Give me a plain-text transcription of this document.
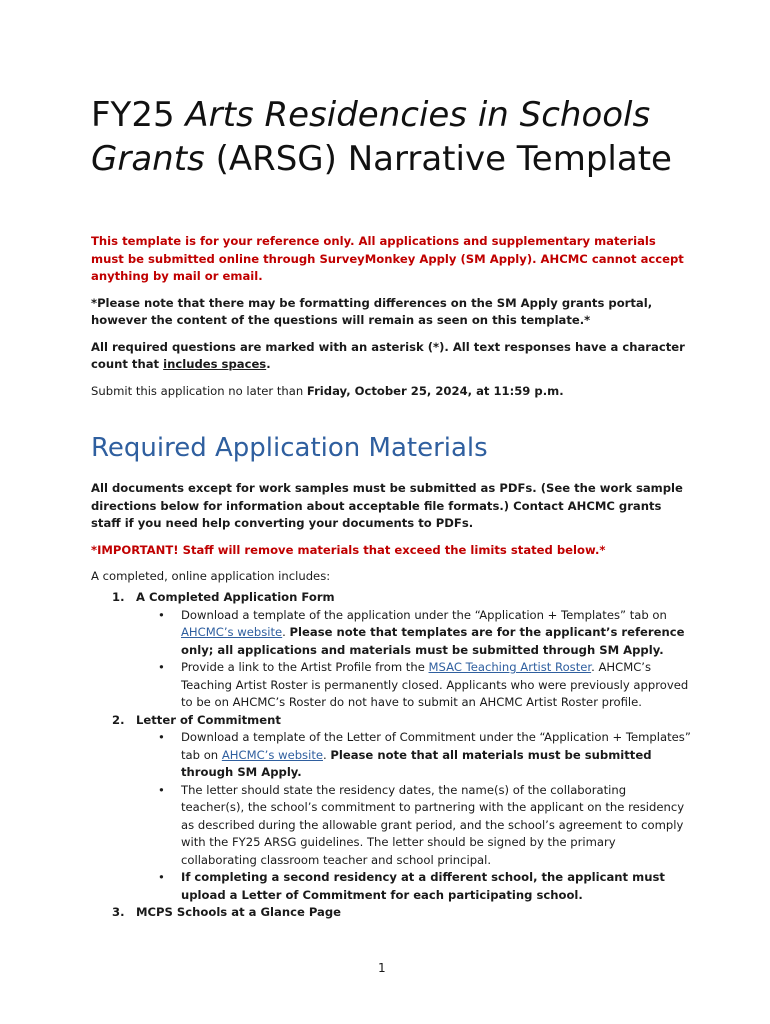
FY25 Arts Residencies in Schools Grants (ARSG) Narrative Template

This template is for your reference only. All applications and supplementary materials must be submitted online through SurveyMonkey Apply (SM Apply). AHCMC cannot accept anything by mail or email.

*Please note that there may be formatting differences on the SM Apply grants portal, however the content of the questions will remain as seen on this template.*

All required questions are marked with an asterisk (*). All text responses have a character count that includes spaces.

Submit this application no later than Friday, October 25, 2024, at 11:59 p.m.

Required Application Materials

All documents except for work samples must be submitted as PDFs. (See the work sample directions below for information about acceptable file formats.) Contact AHCMC grants staff if you need help converting your documents to PDFs.

*IMPORTANT! Staff will remove materials that exceed the limits stated below.*

A completed, online application includes:

1. A Completed Application Form
• Download a template of the application under the “Application + Templates” tab on AHCMC’s website. Please note that templates are for the applicant’s reference only; all applications and materials must be submitted through SM Apply.
• Provide a link to the Artist Profile from the MSAC Teaching Artist Roster. AHCMC’s Teaching Artist Roster is permanently closed. Applicants who were previously approved to be on AHCMC’s Roster do not have to submit an AHCMC Artist Roster profile.
2. Letter of Commitment
• Download a template of the Letter of Commitment under the “Application + Templates” tab on AHCMC’s website. Please note that all materials must be submitted through SM Apply.
• The letter should state the residency dates, the name(s) of the collaborating teacher(s), the school’s commitment to partnering with the applicant on the residency as described during the allowable grant period, and the school’s agreement to comply with the FY25 ARSG guidelines. The letter should be signed by the primary collaborating classroom teacher and school principal.
• If completing a second residency at a different school, the applicant must upload a Letter of Commitment for each participating school.
3. MCPS Schools at a Glance Page
1
